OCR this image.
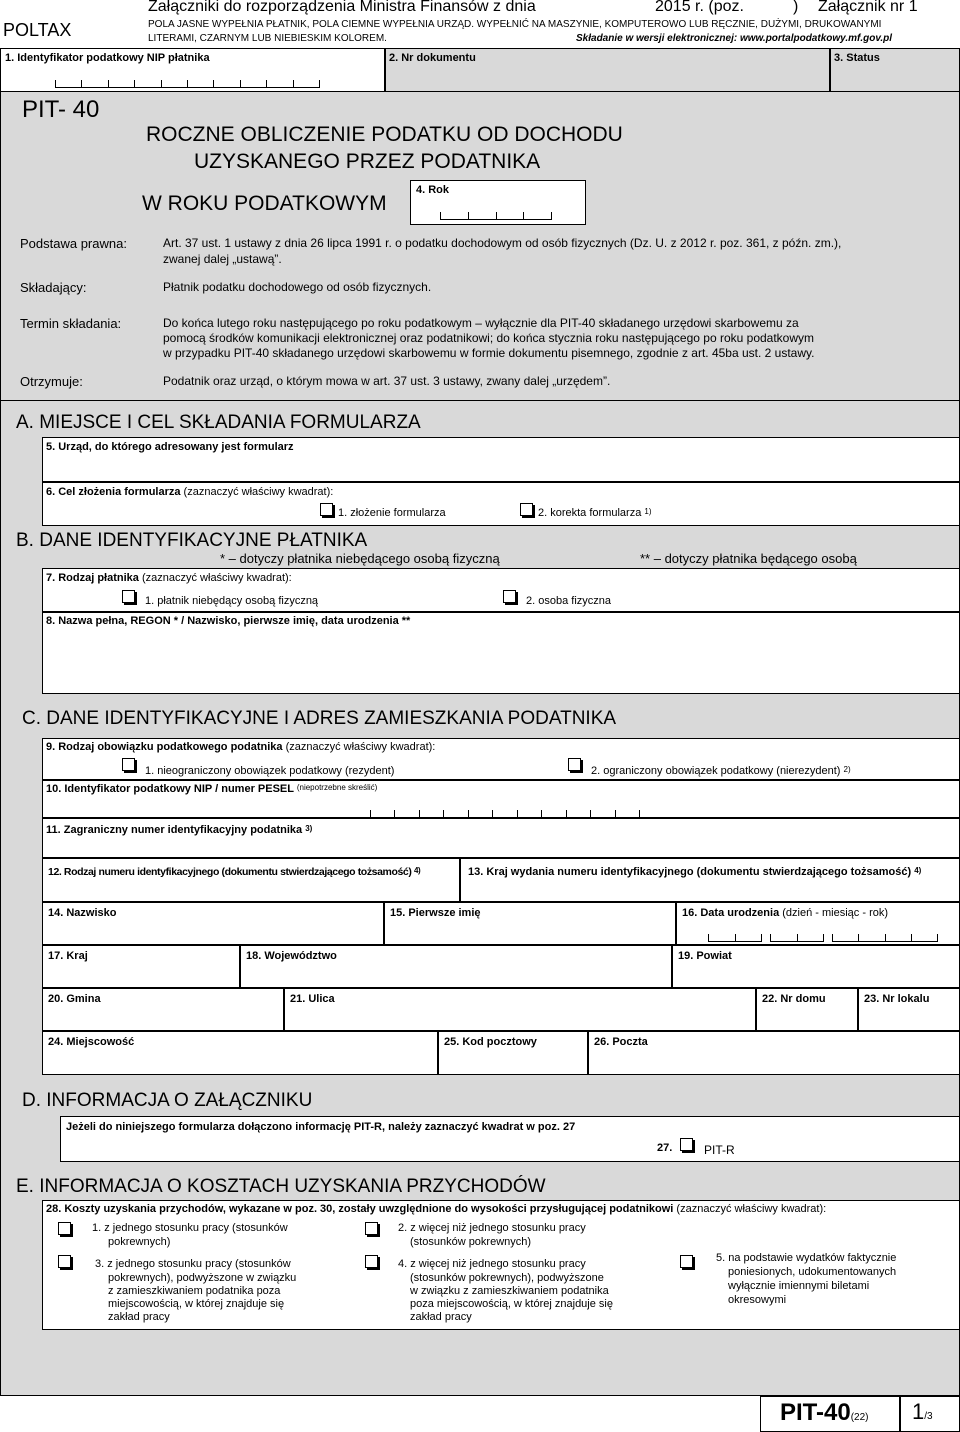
POLTAX
Załączniki do rozporządzenia Ministra Finansów z dnia	2015 r. (poz.	) Załącznik nr 1
POLA JASNE WYPEŁNIA PŁATNIK, POLA CIEMNE WYPEŁNIA URZĄD. WYPEŁNIĆ NA MASZYNIE, KOMPUTEROWO LUB RĘCZNIE, DUŻYMI, DRUKOWANYMI
LITERAMI, CZARNYM LUB NIEBIESKIM KOLOREM.	Składanie w wersji elektronicznej: www.portalpodatkowy.mf.gov.pl
1. Identyfikator podatkowy NIP płatnika	2. Nr dokumentu	3. Status
PIT- 40
ROCZNE OBLICZENIE PODATKU OD DOCHODU
UZYSKANEGO PRZEZ PODATNIKA
W ROKU PODATKOWYM
4. Rok
Podstawa prawna:	Art. 37 ust. 1 ustawy z dnia 26 lipca 1991 r. o podatku dochodowym od osób fizycznych (Dz. U. z 2012 r. poz. 361, z późn. zm.),
zwanej dalej „ustawą”.
Składający:	Płatnik podatku dochodowego od osób fizycznych.
Termin składania:	Do końca lutego roku następującego po roku podatkowym – wyłącznie dla PIT-40 składanego urzędowi skarbowemu za
pomocą środków komunikacji elektronicznej oraz podatnikowi; do końca stycznia roku następującego po roku podatkowym
w przypadku PIT-40 składanego urzędowi skarbowemu w formie dokumentu pisemnego, zgodnie z art. 45ba ust. 2 ustawy.
Otrzymuje:	Podatnik oraz urząd, o którym mowa w art. 37 ust. 3 ustawy, zwany dalej „urzędem”.
A. MIEJSCE I CEL SKŁADANIA FORMULARZA
5. Urząd, do którego adresowany jest formularz
6. Cel złożenia formularza (zaznaczyć właściwy kwadrat):
1. złożenie formularza	2. korekta formularza $^{1)}$
B. DANE IDENTYFIKACYJNE PŁATNIKA
* – dotyczy płatnika niebędącego osobą fizyczną	** – dotyczy płatnika będącego osobą
7. Rodzaj płatnika (zaznaczyć właściwy kwadrat):
1. płatnik niebędący osobą fizyczną	2. osoba fizyczna
8. Nazwa pełna, REGON * / Nazwisko, pierwsze imię, data urodzenia **
C. DANE IDENTYFIKACYJNE I ADRES ZAMIESZKANIA PODATNIKA
9. Rodzaj obowiązku podatkowego podatnika (zaznaczyć właściwy kwadrat):
1. nieograniczony obowiązek podatkowy (rezydent)	2. ograniczony obowiązek podatkowy (nierezydent) $^{2)}$
10. Identyfikator podatkowy NIP / numer PESEL $^{(niepotrzebne skreślić)}$
11. Zagraniczny numer identyfikacyjny podatnika $^{3)}$
12. Rodzaj numeru identyfikacyjnego (dokumentu stwierdzającego tożsamość) $^{4)}$	13. Kraj wydania numeru identyfikacyjnego (dokumentu stwierdzającego tożsamość) $^{4)}$
14. Nazwisko	15. Pierwsze imię	16. Data urodzenia (dzień - miesiąc - rok)
17. Kraj	18. Województwo	19. Powiat
20. Gmina	21. Ulica	22. Nr domu	23. Nr lokalu
24. Miejscowość	25. Kod pocztowy	26. Poczta
D. INFORMACJA O ZAŁĄCZNIKU
Jeżeli do niniejszego formularza dołączono informację PIT-R, należy zaznaczyć kwadrat w poz. 27
27.	PIT-R
E. INFORMACJA O KOSZTACH UZYSKANIA PRZYCHODÓW
28. Koszty uzyskania przychodów, wykazane w poz. 30, zostały uwzględnione do wysokości przysługującej podatnikowi (zaznaczyć właściwy kwadrat):
1. z jednego stosunku pracy (stosunków
pokrewnych)
3. z jednego stosunku pracy (stosunków
pokrewnych), podwyższone w związku
z zamieszkiwaniem podatnika poza
miejscowością, w której znajduje się
zakład pracy
2. z więcej niż jednego stosunku pracy
(stosunków pokrewnych)
4. z więcej niż jednego stosunku pracy
(stosunków pokrewnych), podwyższone
w związku z zamieszkiwaniem podatnika
poza miejscowością, w której znajduje się
zakład pracy
5. na podstawie wydatków faktycznie
poniesionych, udokumentowanych
wyłącznie imiennymi biletami
okresowymi
PIT-40(22) 1/3
